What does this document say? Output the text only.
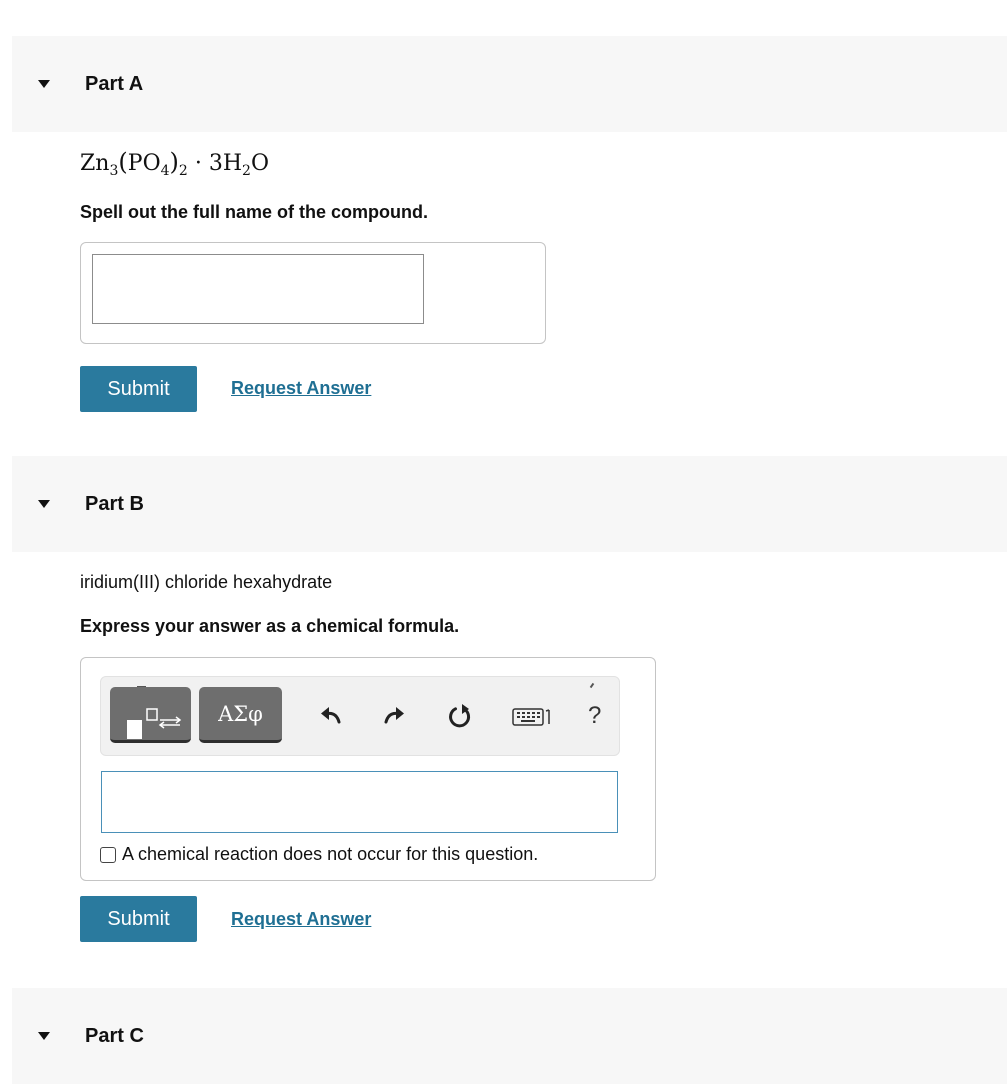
Part A
$Zn_3(PO_4)_2 \cdot 3H_2O$
Spell out the full name of the compound.
Submit	Request Answer
Part B
iridium(III) chloride hexahydrate
Express your answer as a chemical formula.
ΑΣφ	?
A chemical reaction does not occur for this question.
Submit	Request Answer
Part C
